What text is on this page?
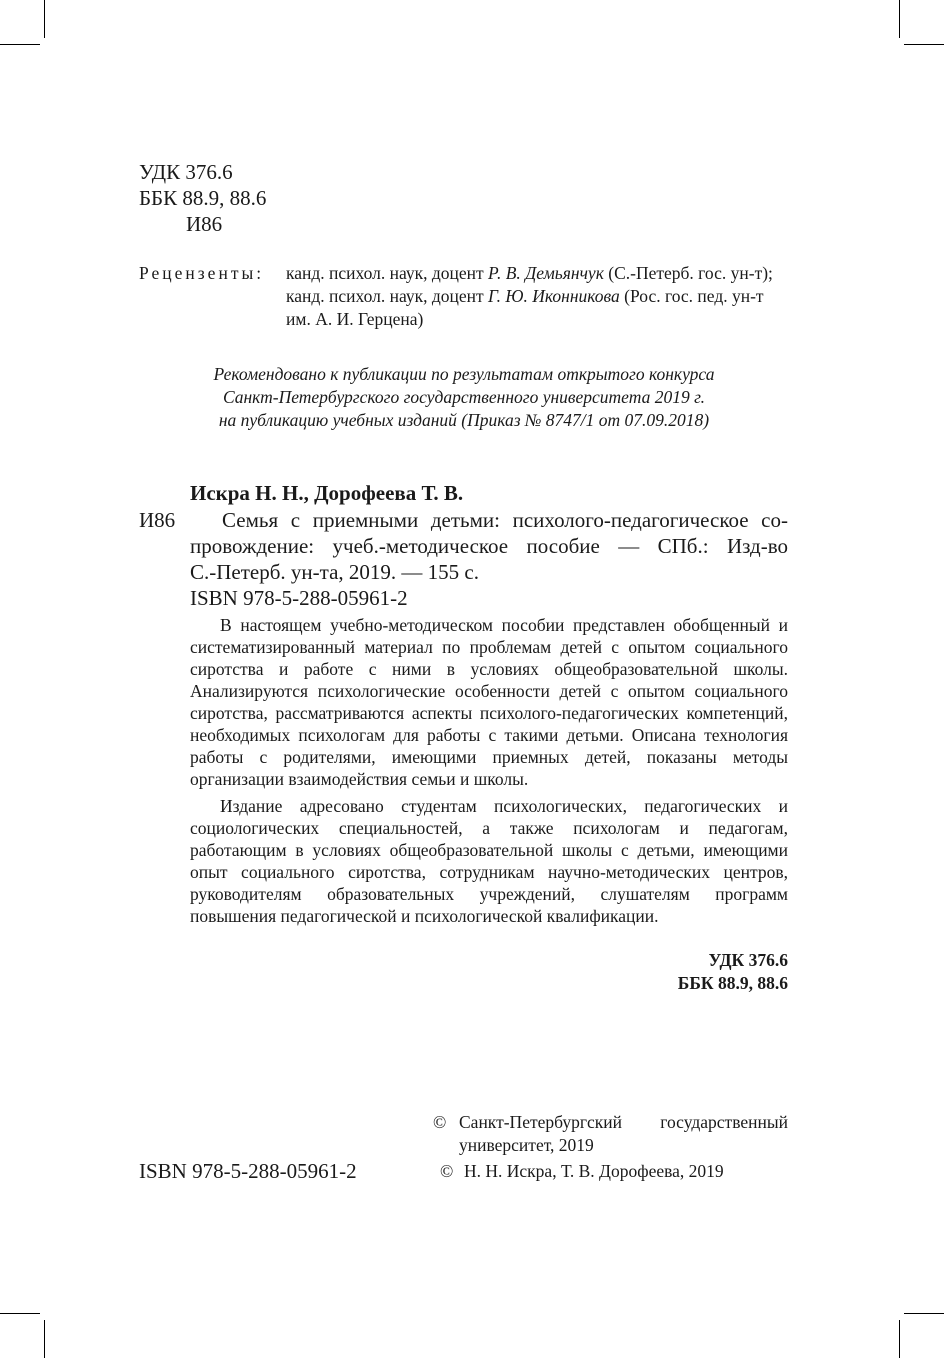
УДК 376.6
ББК 88.9, 88.6
И86
Рецензенты: канд. психол. наук, доцент Р. В. Демьянчук (С.-Петерб. гос. ун-т);
канд. психол. наук, доцент Г. Ю. Иконникова (Рос. гос. пед. ун-т
им. А. И. Герцена)
Рекомендовано к публикации по результатам открытого конкурса
Санкт-Петербургского государственного университета 2019 г.
на публикацию учебных изданий (Приказ № 8747/1 от 07.09.2018)
Искра Н. Н., Дорофеева Т. В.
И86 Семья с приемными детьми: психолого-педагогическое со-
провождение: учеб.-методическое пособие — СПб.: Изд-во
С.-Петерб. ун-та, 2019. — 155 с.
ISBN 978-5-288-05961-2
В настоящем учебно-методическом пособии представлен обобщенный и систематизированный материал по проблемам детей с опытом социального сиротства и работе с ними в условиях общеобразовательной школы. Анализируются психологические особенности детей с опытом социального сиротства, рассматриваются аспекты психолого-педагогических компетенций, необходимых психологам для работы с такими детьми. Описана технология работы с родителями, имеющими приемных детей, показаны методы организации взаимодействия семьи и школы.
Издание адресовано студентам психологических, педагогических и социологических специальностей, а также психологам и педагогам, работающим в условиях общеобразовательной школы с детьми, имеющими опыт социального сиротства, сотрудникам научно-методических центров, руководителям образовательных учреждений, слушателям программ повышения педагогической и психологической квалификации.
УДК 376.6
ББК 88.9, 88.6
© Санкт-Петербургский государственный
университет, 2019
ISBN 978-5-288-05961-2	© Н. Н. Искра, Т. В. Дорофеева, 2019
